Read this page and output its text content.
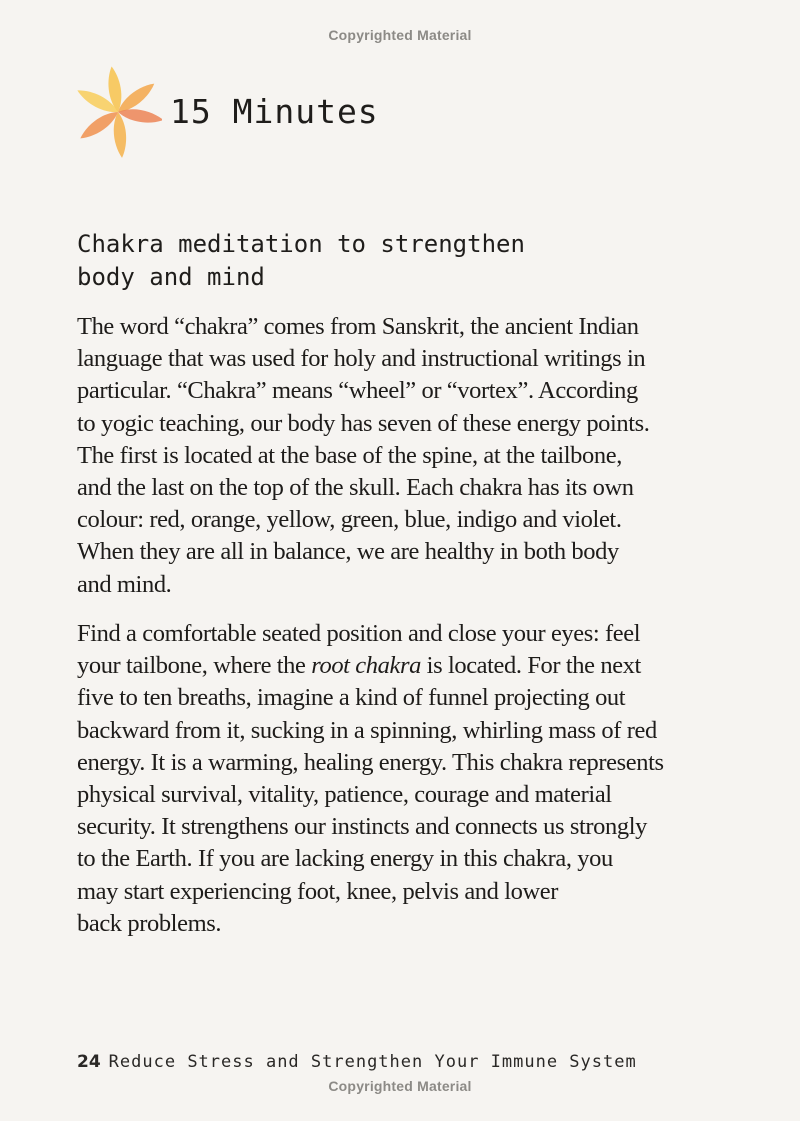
Copyrighted Material
15 Minutes
Chakra meditation to strengthen
body and mind

The word “chakra” comes from Sanskrit, the ancient Indian
language that was used for holy and instructional writings in
particular. “Chakra” means “wheel” or “vortex”. According
to yogic teaching, our body has seven of these energy points.
The first is located at the base of the spine, at the tailbone,
and the last on the top of the skull. Each chakra has its own
colour: red, orange, yellow, green, blue, indigo and violet.
When they are all in balance, we are healthy in both body
and mind.

Find a comfortable seated position and close your eyes: feel
your tailbone, where the root chakra is located. For the next
five to ten breaths, imagine a kind of funnel projecting out
backward from it, sucking in a spinning, whirling mass of red
energy. It is a warming, healing energy. This chakra represents
physical survival, vitality, patience, courage and material
security. It strengthens our instincts and connects us strongly
to the Earth. If you are lacking energy in this chakra, you
may start experiencing foot, knee, pelvis and lower
back problems.

24 Reduce Stress and Strengthen Your Immune System
Copyrighted Material
